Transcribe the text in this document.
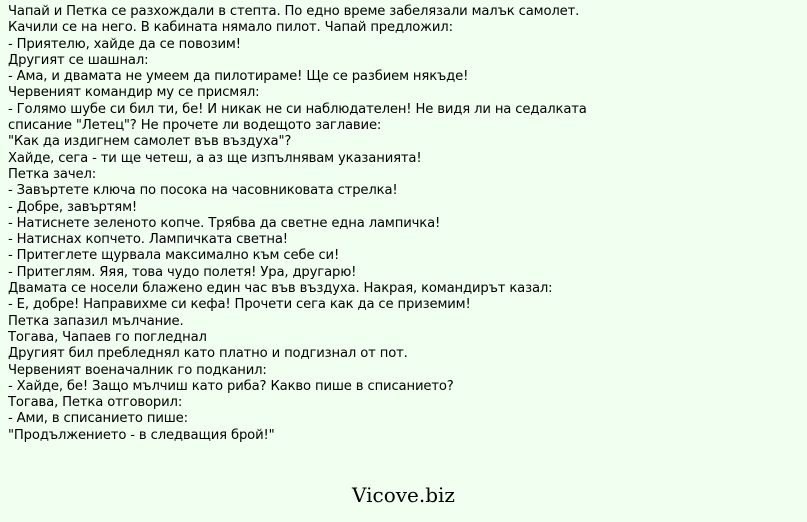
Чапай и Петка се разхождали в степта. По едно време забелязали малък самолет.
Качили се на него. В кабината нямало пилот. Чапай предложил:
- Приятелю, хайде да се повозим!
Другият се шашнал:
- Ама, и двамата не умеем да пилотираме! Ще се разбием някъде!
Червеният командир му се присмял:
- Голямо шубе си бил ти, бе! И никак не си наблюдателен! Не видя ли на седалката
списание "Летец"? Не прочете ли водещото заглавие:
"Как да издигнем самолет във въздуха"?
Хайде, сега - ти ще четеш, а аз ще изпълнявам указанията!
Петка зачел:
- Завъртете ключа по посока на часовниковата стрелка!
- Добре, завъртям!
- Натиснете зеленото копче. Трябва да светне една лампичка!
- Натиснах копчето. Лампичката светна!
- Притеглете щурвала максимално към себе си!
- Притеглям. Яяя, това чудо полетя! Ура, другарю!
Двамата се носели блажено един час във въздуха. Накрая, командирът казал:
- Е, добре! Направихме си кефа! Прочети сега как да се приземим!
Петка запазил мълчание.
Тогава, Чапаев го погледнал
Другият бил пребледнял като платно и подгизнал от пот.
Червеният военачалник го подканил:
- Хайде, бе! Защо мълчиш като риба? Какво пише в списанието?
Тогава, Петка отговорил:
- Ами, в списанието пише:
"Продължението - в следващия брой!"
Vicove.biz
